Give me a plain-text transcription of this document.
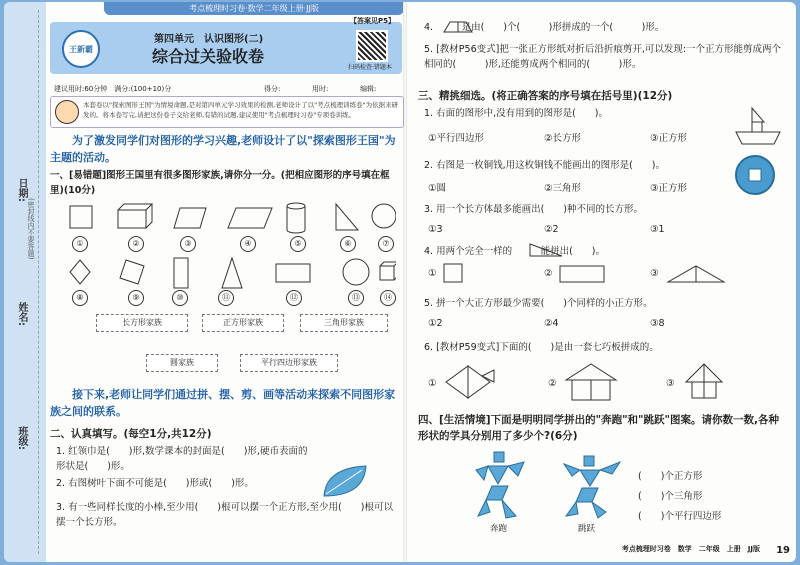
日期:
(密封线内不要答题)
姓名:
班级:
考点梳理时习卷·数学二年级上册·JJ版
王新霸
第四单元　认识图形(二)
综合过关验收卷
【答案见P5】
扫码检查·错题本
建议用时:60分钟　满分:(100+10)分	得分:	用时:	编辑:
本套卷以"探索图形王国"为情境命题,是对第四单元学习效果的检测,老师设计了以"考点梳理训练卷"为依据来研发的。将本卷写完,请把这份卷子交给老师,有错的试题,建议使用"考点梳理时习卷"专项卷训练。
为了激发同学们对图形的学习兴趣,老师设计了以"探索图形王国"为主题的活动。
一、[易错题]图形王国里有很多图形家族,请你分一分。(把相应图形的序号填在框里)(10分)
①	②	③	④	⑤	⑥	⑦
⑧	⑨	⑩	⑪	⑫	⑬	⑭
长方形家族	正方形家族	三角形家族
圆家族	平行四边形家族
接下来,老师让同学们通过拼、摆、剪、画等活动来探索不同图形家族之间的联系。
二、认真填写。(每空1分,共12分)
1. 红领巾是(　　)形,数学课本的封面是(　　)形,硬币表面的形状是(　　)形。
2. 右图树叶下面不可能是(　　)形或(　　)形。
3. 有一些同样长度的小棒,至少用(　　)根可以摆一个正方形,至少用(　　)根可以摆一个长方形。
4.　　　是由(　　)个(　　　)形拼成的一个(　　　)形。
5. [教材P56变式]把一张正方形纸对折后沿折痕剪开,可以发现:一个正方形能剪成两个相同的(　　　)形,还能剪成两个相同的(　　　)形。
三、精挑细选。(将正确答案的序号填在括号里)(12分)
1. 右面的图形中,没有用到的图形是(　　)。
①平行四边形	②长方形	③正方形
2. 右图是一枚铜钱,用这枚铜钱不能画出的图形是(　　)。
①圆	②三角形	③正方形
3. 用一个长方体最多能画出(　　)种不同的长方形。
①3	②2	③1
4. 用两个完全一样的　　　能拼出(　　)。
①	②	③
5. 拼一个大正方形最少需要(　　)个同样的小正方形。
①2	②4	③8
6. [教材P59变式]下面的(　　)是由一套七巧板拼成的。
①	②	③
四、[生活情境]下面是明明同学拼出的"奔跑"和"跳跃"图案。请你数一数,各种形状的学具分别用了多少个?(6分)
奔跑	跳跃
(　　)个正方形
(　　)个三角形
(　　)个平行四边形
考点梳理时习卷　数学　二年级　上册　JJ版 19
